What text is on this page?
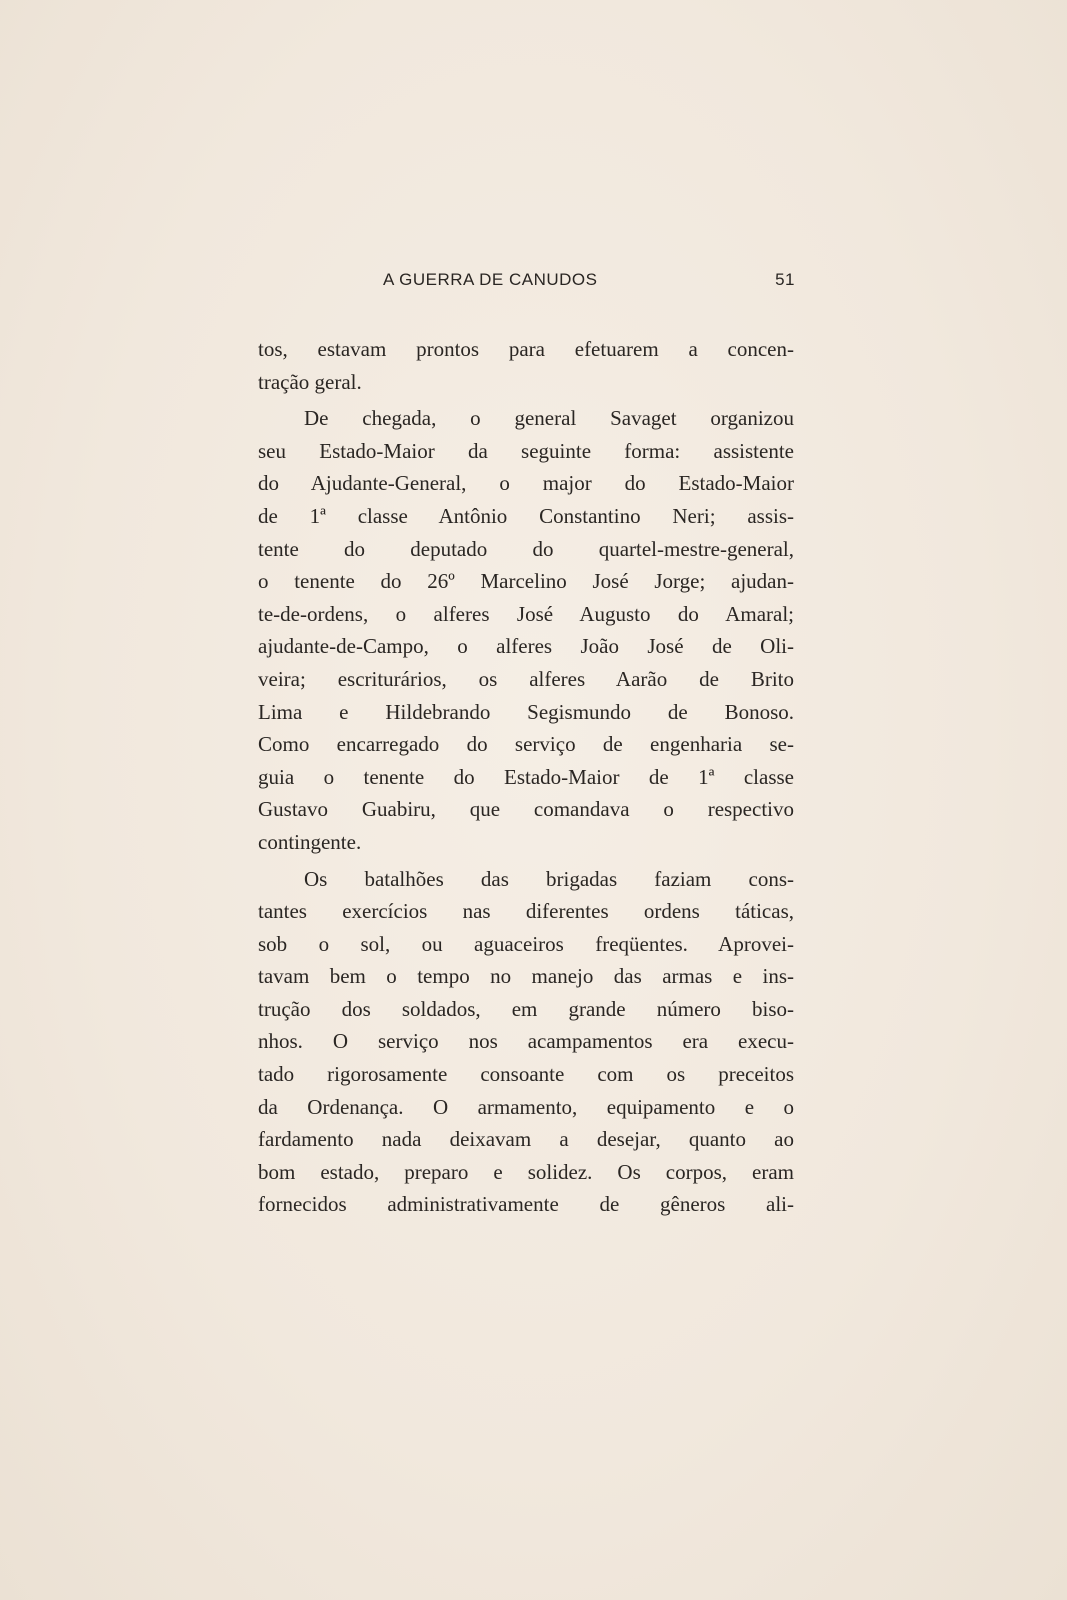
A GUERRA DE CANUDOS	51
tos, estavam prontos para efetuarem a concen-
tração geral.
De chegada, o general Savaget organizou
seu Estado-Maior da seguinte forma: assistente
do Ajudante-General, o major do Estado-Maior
de 1ª classe Antônio Constantino Neri; assis-
tente do deputado do quartel-mestre-general,
o tenente do 26º Marcelino José Jorge; ajudan-
te-de-ordens, o alferes José Augusto do Amaral;
ajudante-de-Campo, o alferes João José de Oli-
veira; escriturários, os alferes Aarão de Brito
Lima e Hildebrando Segismundo de Bonoso.
Como encarregado do serviço de engenharia se-
guia o tenente do Estado-Maior de 1ª classe
Gustavo Guabiru, que comandava o respectivo
contingente.
Os batalhões das brigadas faziam cons-
tantes exercícios nas diferentes ordens táticas,
sob o sol, ou aguaceiros freqüentes. Aprovei-
tavam bem o tempo no manejo das armas e ins-
trução dos soldados, em grande número biso-
nhos. O serviço nos acampamentos era execu-
tado rigorosamente consoante com os preceitos
da Ordenança. O armamento, equipamento e o
fardamento nada deixavam a desejar, quanto ao
bom estado, preparo e solidez. Os corpos, eram
fornecidos administrativamente de gêneros ali-
